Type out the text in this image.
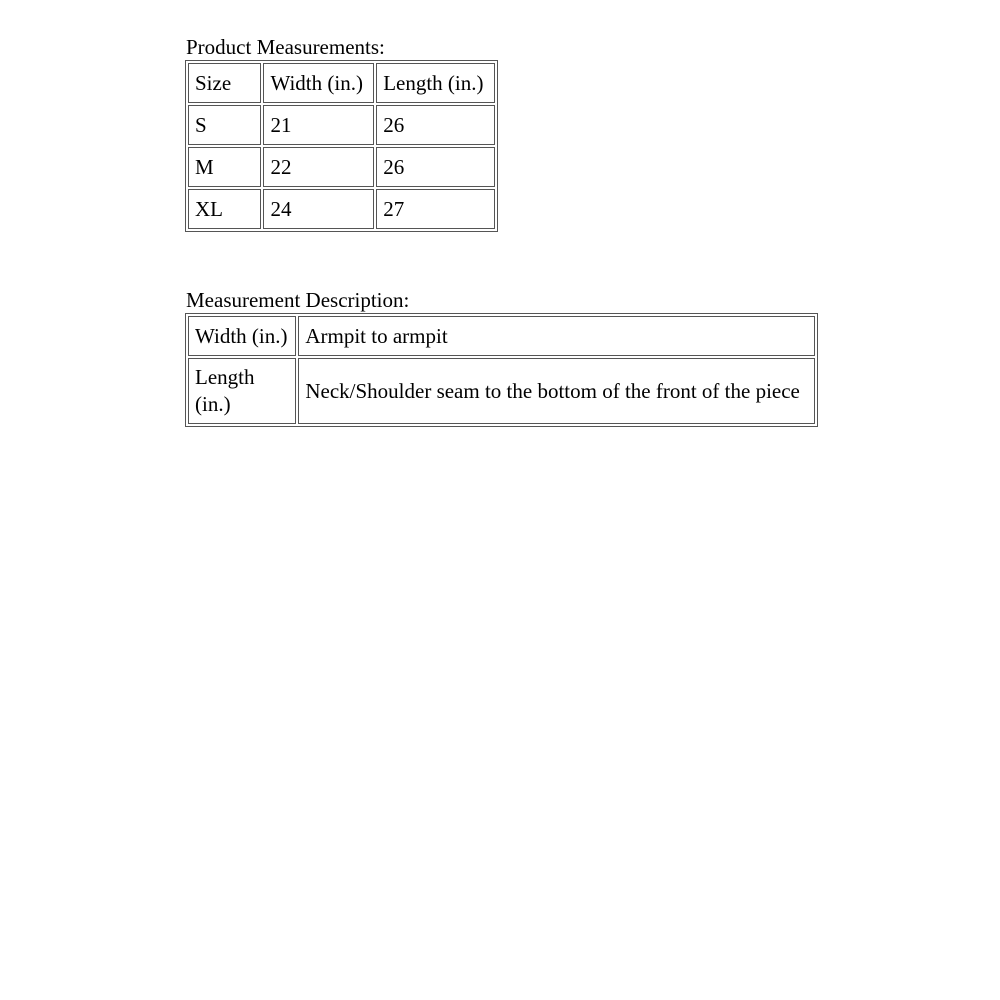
Product Measurements:

Size	Width (in.)	Length (in.)
S	21	26
M	22	26
XL	24	27

Measurement Description:

Width (in.)	Armpit to armpit
Length (in.)	Neck/Shoulder seam to the bottom of the front of the piece
